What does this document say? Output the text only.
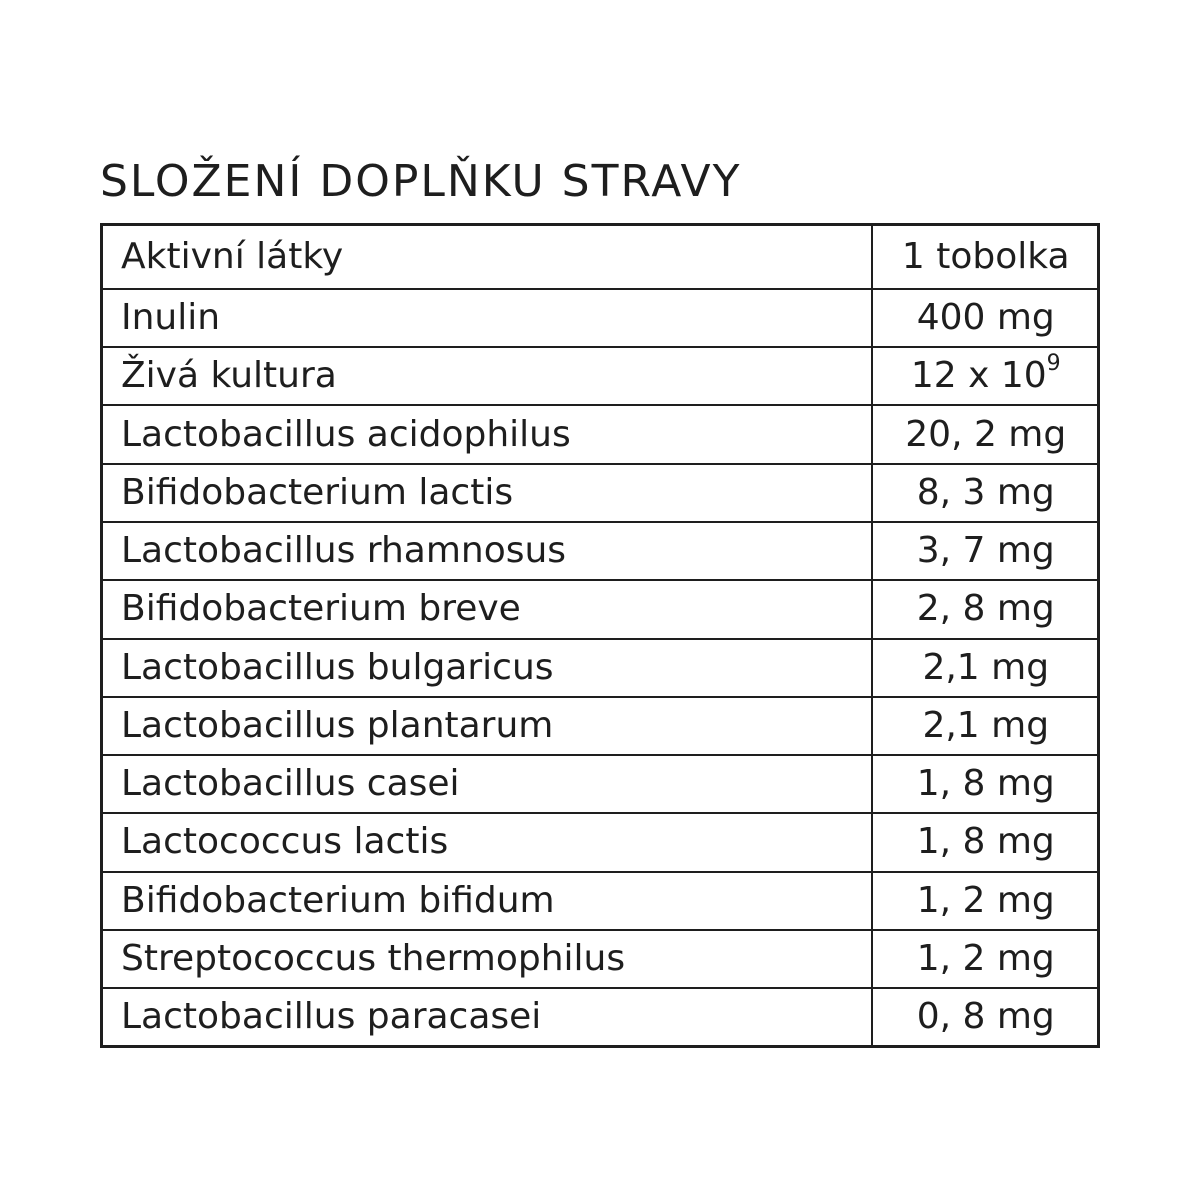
SLOŽENÍ DOPLŇKU STRAVY
Aktivní látky	1 tobolka
Inulin	400 mg
Živá kultura	12 x $10^9$
Lactobacillus acidophilus	20, 2 mg
Bifidobacterium lactis	8, 3 mg
Lactobacillus rhamnosus	3, 7 mg
Bifidobacterium breve	2, 8 mg
Lactobacillus bulgaricus	2,1 mg
Lactobacillus plantarum	2,1 mg
Lactobacillus casei	1, 8 mg
Lactococcus lactis	1, 8 mg
Bifidobacterium bifidum	1, 2 mg
Streptococcus thermophilus	1, 2 mg
Lactobacillus paracasei	0, 8 mg
